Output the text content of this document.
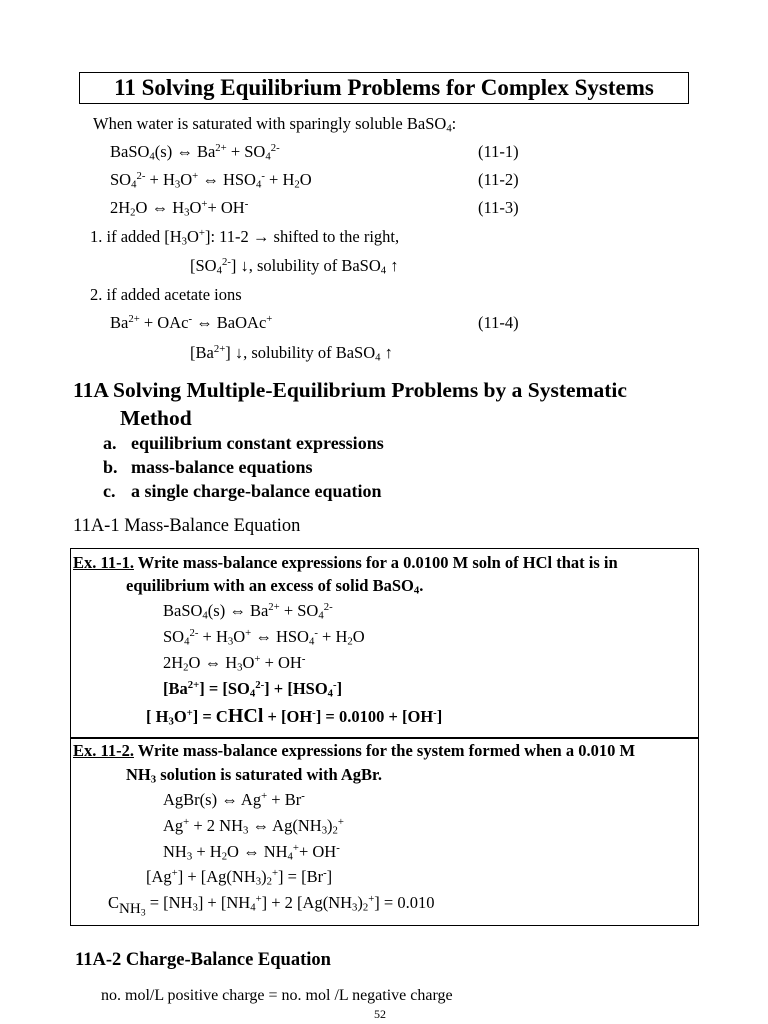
11 Solving Equilibrium Problems for Complex Systems
When water is saturated with sparingly soluble BaSO$_4$:
BaSO$_4$(s) ⇔ $Ba^{2+} + SO_4^{2-}$	(11-1)
$SO_4^{2-} + H_3O^+$ ⇔ $HSO_4^- + H_2O$	(11-2)
$2H_2O$ ⇔ $H_3O^++ OH^-$	(11-3)
1. if added $[H_3O^+]$: 11-2 → shifted to the right,
$[SO_4^{2-}]$ ↓, solubility of BaSO$_4$ ↑
2. if added acetate ions
$Ba^{2+} + OAc^-$ ⇔ BaOAc+	(11-4)
$[Ba^{2+}]$ ↓, solubility of BaSO$_4$ ↑
11A Solving Multiple-Equilibrium Problems by a Systematic
Method
a. equilibrium constant expressions
b. mass-balance equations
c. a single charge-balance equation
11A-1 Mass-Balance Equation
Ex. 11-1. Write mass-balance expressions for a 0.0100 M soln of HCl that is in
equilibrium with an excess of solid BaSO$_4$.
BaSO$_4$(s) ⇔ $Ba^{2+} + SO_4^{2-}$
$SO_4^{2-} + H_3O^+$ ⇔ $HSO_4^- + H_2O$
$2H_2O$ ⇔ $H_3O^+ + OH^-$
$[Ba^{2+}] = [SO_4^{2-}] + [HSO_4^-]$
[ $H_3O^+$] = CHCl + [OH-] = 0.0100 + [OH-]
Ex. 11-2. Write mass-balance expressions for the system formed when a 0.010 M
$NH_3$ solution is saturated with AgBr.
AgBr(s) ⇔ Ag+ + Br-
Ag+ + 2 $NH_3$ ⇔ $Ag(NH_3)_2^+$
$NH_3 + H_2O$ ⇔ $NH_4^++ OH^-$
$[Ag^+] + [Ag(NH_3)_2^+] = [Br^-]$
$CNH_3 = [NH_3] + [NH_4^+] + 2$ $[Ag(NH_3)_2^+] = 0.010$
11A-2 Charge-Balance Equation
no. mol/L positive charge = no. mol /L negative charge
52
